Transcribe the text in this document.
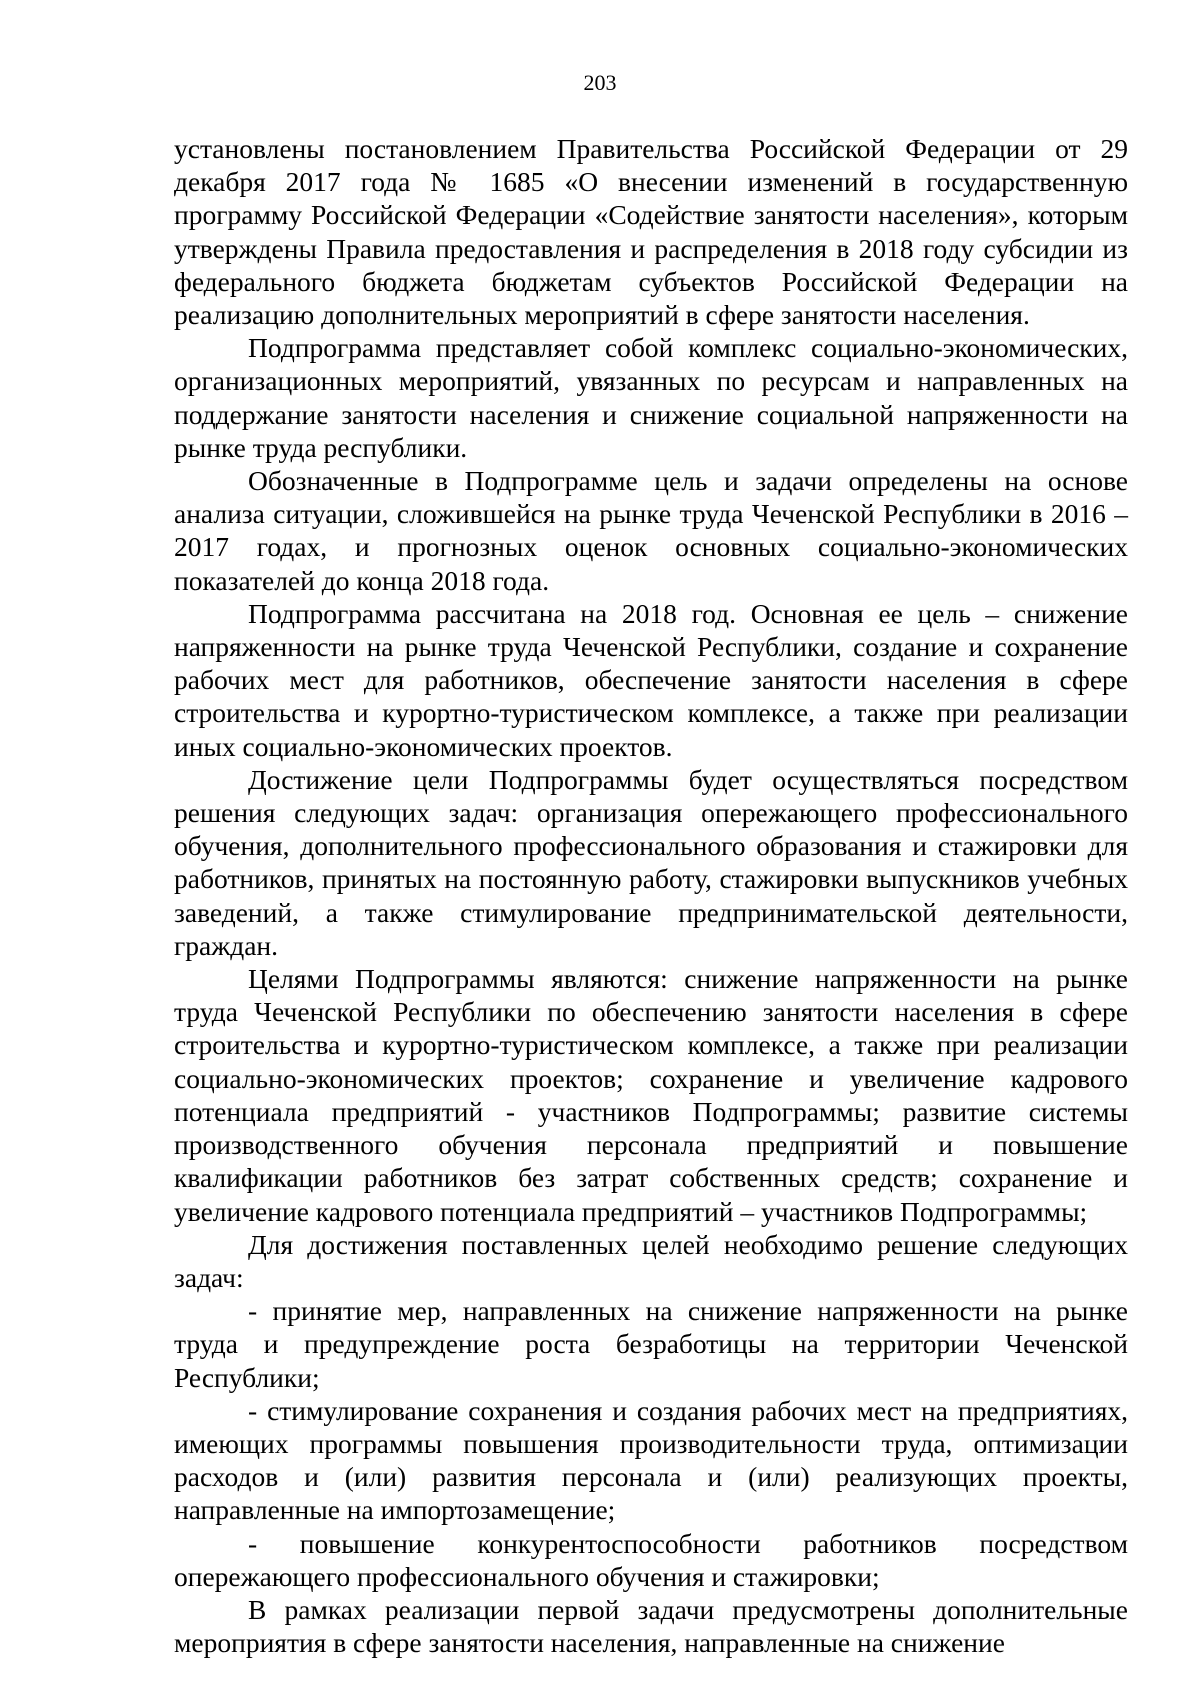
203

установлены постановлением Правительства Российской Федерации от 29 декабря 2017 года № 1685 «О внесении изменений в государственную программу Российской Федерации «Содействие занятости населения», которым утверждены Правила предоставления и распределения в 2018 году субсидии из федерального бюджета бюджетам субъектов Российской Федерации на реализацию дополнительных мероприятий в сфере занятости населения.

Подпрограмма представляет собой комплекс социально-экономических, организационных мероприятий, увязанных по ресурсам и направленных на поддержание занятости населения и снижение социальной напряженности на рынке труда республики.

Обозначенные в Подпрограмме цель и задачи определены на основе анализа ситуации, сложившейся на рынке труда Чеченской Республики в 2016 – 2017 годах, и прогнозных оценок основных социально-экономических показателей до конца 2018 года.

Подпрограмма рассчитана на 2018 год. Основная ее цель – снижение напряженности на рынке труда Чеченской Республики, создание и сохранение рабочих мест для работников, обеспечение занятости населения в сфере строительства и курортно-туристическом комплексе, а также при реализации иных социально-экономических проектов.

Достижение цели Подпрограммы будет осуществляться посредством решения следующих задач: организация опережающего профессионального обучения, дополнительного профессионального образования и стажировки для работников, принятых на постоянную работу, стажировки выпускников учебных заведений, а также стимулирование предпринимательской деятельности, граждан.

Целями Подпрограммы являются: снижение напряженности на рынке труда Чеченской Республики по обеспечению занятости населения в сфере строительства и курортно-туристическом комплексе, а также при реализации социально-экономических проектов; сохранение и увеличение кадрового потенциала предприятий - участников Подпрограммы; развитие системы производственного обучения персонала предприятий и повышение квалификации работников без затрат собственных средств; сохранение и увеличение кадрового потенциала предприятий – участников Подпрограммы;

Для достижения поставленных целей необходимо решение следующих задач:

- принятие мер, направленных на снижение напряженности на рынке труда и предупреждение роста безработицы на территории Чеченской Республики;

- стимулирование сохранения и создания рабочих мест на предприятиях, имеющих программы повышения производительности труда, оптимизации расходов и (или) развития персонала и (или) реализующих проекты, направленные на импортозамещение;

- повышение конкурентоспособности работников посредством опережающего профессионального обучения и стажировки;

В рамках реализации первой задачи предусмотрены дополнительные мероприятия в сфере занятости населения, направленные на снижение
